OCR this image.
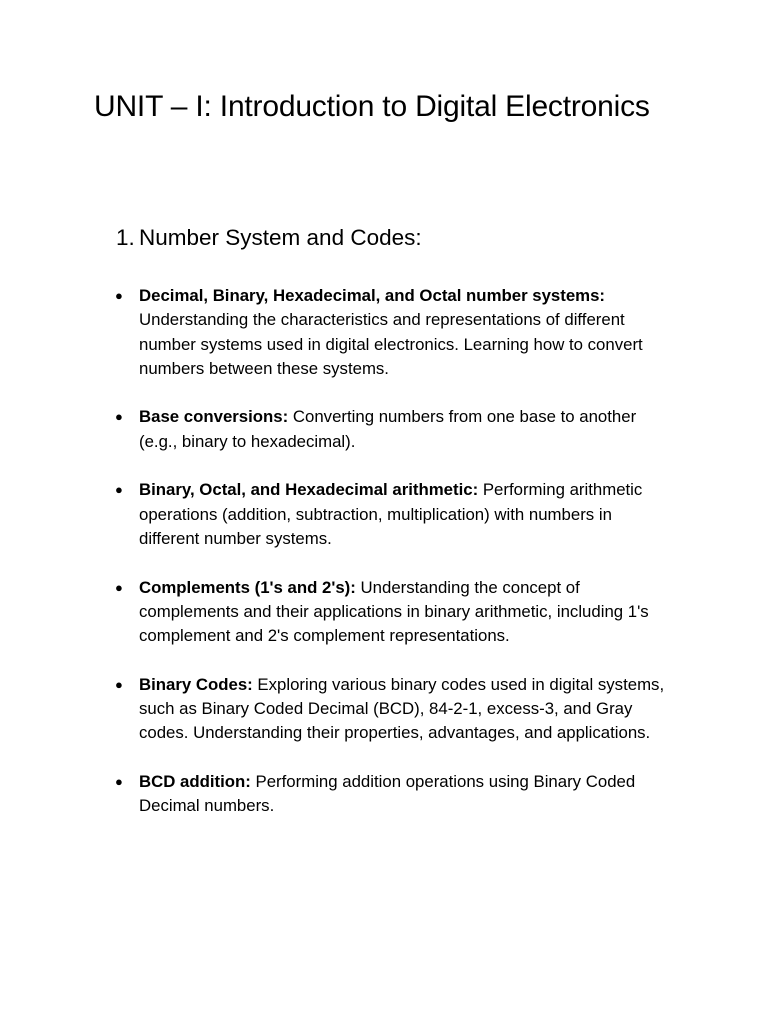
UNIT – I: Introduction to Digital Electronics
1. Number System and Codes:
● Decimal, Binary, Hexadecimal, and Octal number systems: Understanding the characteristics and representations of different number systems used in digital electronics. Learning how to convert numbers between these systems.
● Base conversions: Converting numbers from one base to another (e.g., binary to hexadecimal).
● Binary, Octal, and Hexadecimal arithmetic: Performing arithmetic operations (addition, subtraction, multiplication) with numbers in different number systems.
● Complements (1's and 2's): Understanding the concept of complements and their applications in binary arithmetic, including 1's complement and 2's complement representations.
● Binary Codes: Exploring various binary codes used in digital systems, such as Binary Coded Decimal (BCD), 84-2-1, excess-3, and Gray codes. Understanding their properties, advantages, and applications.
● BCD addition: Performing addition operations using Binary Coded Decimal numbers.
